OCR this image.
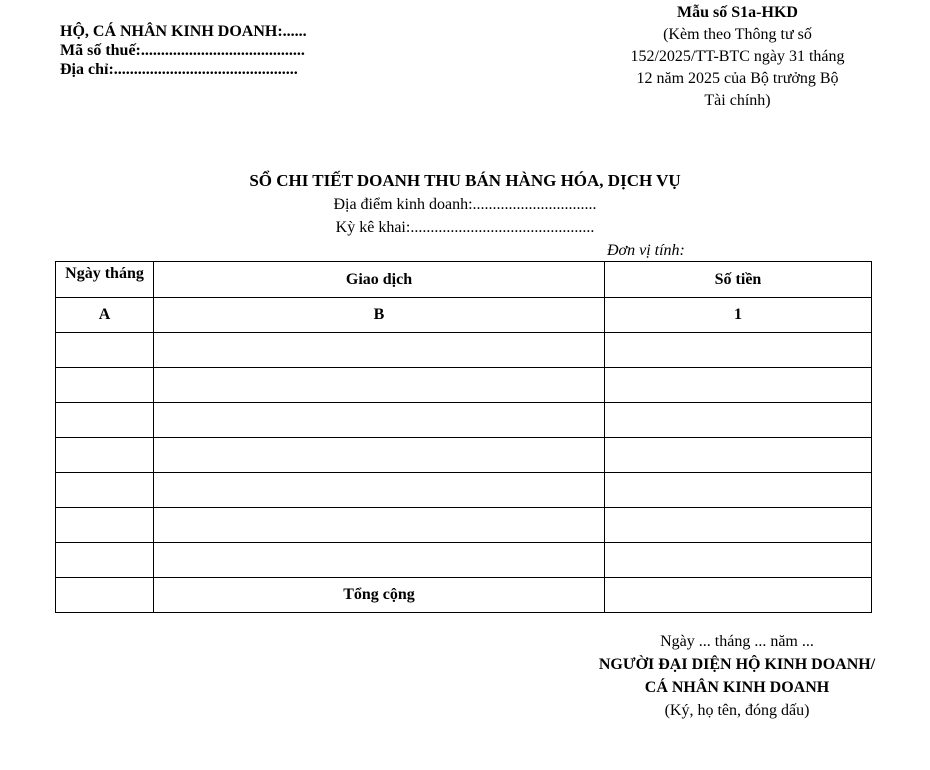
HỘ, CÁ NHÂN KINH DOANH:......
Mã số thuế:.........................................
Địa chỉ:..............................................
Mẫu số S1a-HKD
(Kèm theo Thông tư số
152/2025/TT-BTC ngày 31 tháng
12 năm 2025 của Bộ trưởng Bộ
Tài chính)
SỔ CHI TIẾT DOANH THU BÁN HÀNG HÓA, DỊCH VỤ
Địa điểm kinh doanh:...............................
Kỳ kê khai:..............................................
Đơn vị tính:
Ngày tháng	Giao dịch	Số tiền
A	B	1

	Tổng cộng	
Ngày ... tháng ... năm ...
NGƯỜI ĐẠI DIỆN HỘ KINH DOANH/
CÁ NHÂN KINH DOANH
(Ký, họ tên, đóng dấu)
